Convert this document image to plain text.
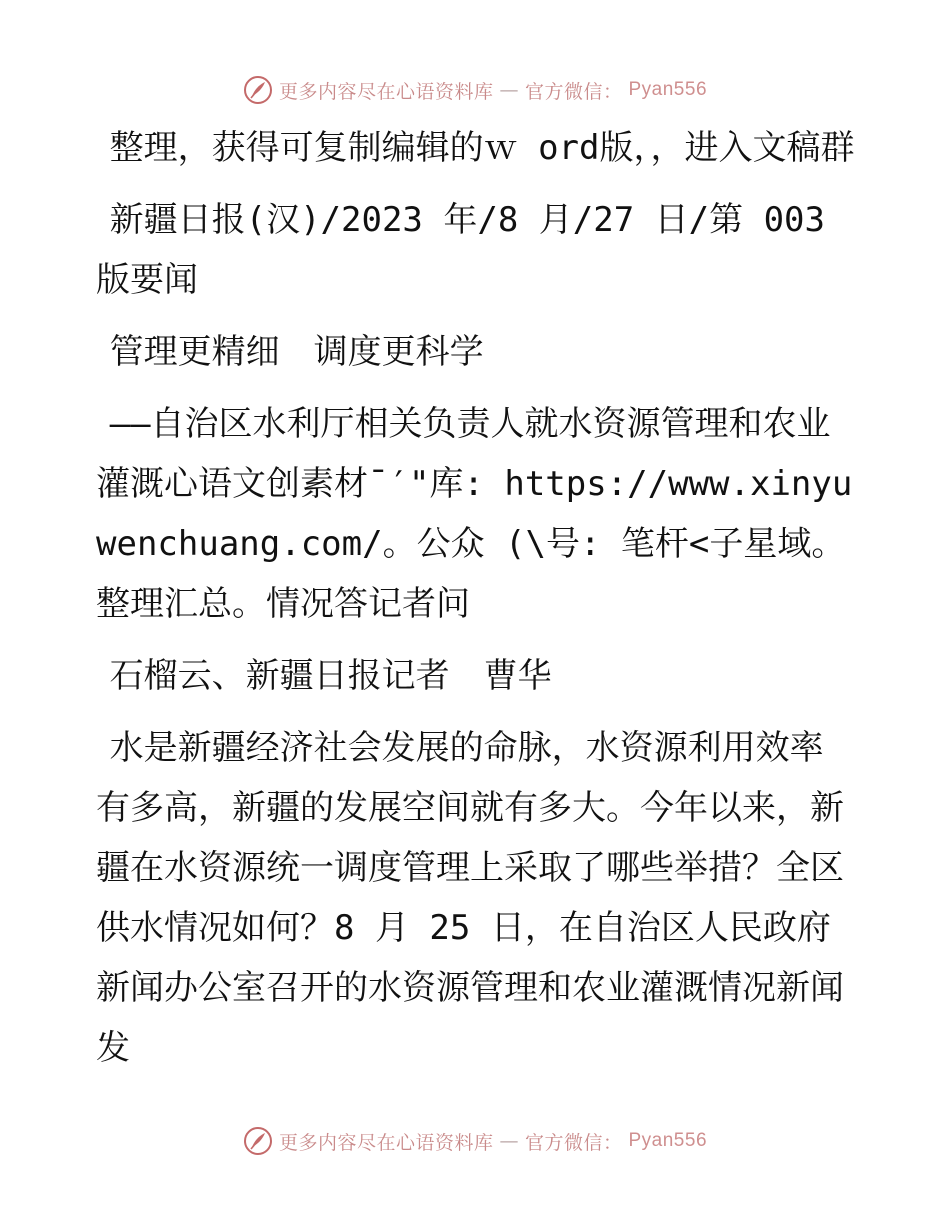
更多内容尽在心语资料库 — 官方微信： Pyan556

整理，获得可复制编辑的ｗ ord版，，进入文稿群

新疆日报(汉)/2023 年/8 月/27 日/第 003 版要闻

管理更精细　调度更科学

——自治区水利厅相关负责人就水资源管理和农业灌溉心语文创素材¯′"库: https://www.xinyuwenchuang.com/。公众 (\号: 笔杆<子星域。整理汇总。情况答记者问

石榴云、新疆日报记者　曹华

水是新疆经济社会发展的命脉，水资源利用效率有多高，新疆的发展空间就有多大。今年以来，新疆在水资源统一调度管理上采取了哪些举措？全区供水情况如何？8 月 25 日，在自治区人民政府新闻办公室召开的水资源管理和农业灌溉情况新闻发

更多内容尽在心语资料库 — 官方微信： Pyan556
